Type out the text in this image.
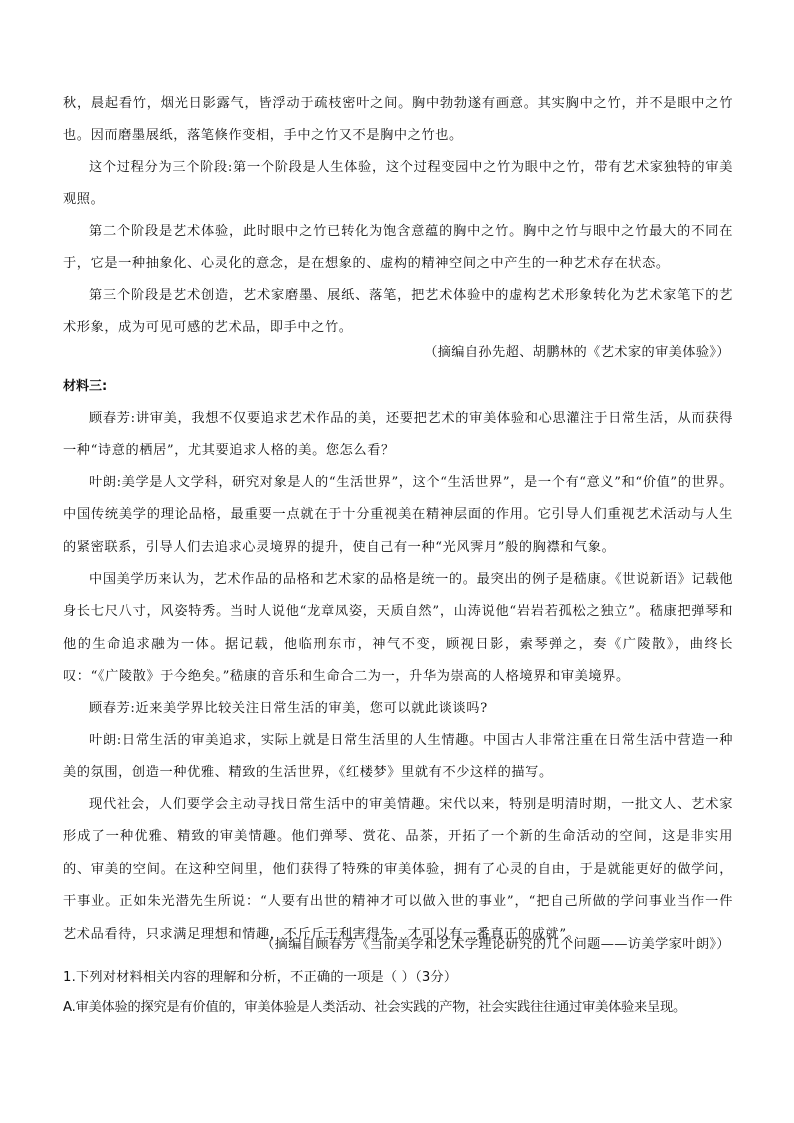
秋，晨起看竹，烟光日影露气，皆浮动于疏枝密叶之间。胸中勃勃遂有画意。其实胸中之竹，并不是眼中之竹也。因而磨墨展纸，落笔倏作变相，手中之竹又不是胸中之竹也。

这个过程分为三个阶段:第一个阶段是人生体验，这个过程变园中之竹为眼中之竹，带有艺术家独特的审美观照。

第二个阶段是艺术体验，此时眼中之竹已转化为饱含意蕴的胸中之竹。胸中之竹与眼中之竹最大的不同在于，它是一种抽象化、心灵化的意念，是在想象的、虚构的精神空间之中产生的一种艺术存在状态。

第三个阶段是艺术创造，艺术家磨墨、展纸、落笔，把艺术体验中的虚构艺术形象转化为艺术家笔下的艺术形象，成为可见可感的艺术品，即手中之竹。

（摘编自孙先超、胡鹏林的《艺术家的审美体验》）

材料三:

顾春芳:讲审美，我想不仅要追求艺术作品的美，还要把艺术的审美体验和心思灌注于日常生活，从而获得一种“诗意的栖居”，尤其要追求人格的美。您怎么看？

叶朗:美学是人文学科，研究对象是人的“生活世界”，这个“生活世界”，是一个有“意义”和“价值”的世界。中国传统美学的理论品格，最重要一点就在于十分重视美在精神层面的作用。它引导人们重视艺术活动与人生的紧密联系，引导人们去追求心灵境界的提升，使自己有一种“光风霁月”般的胸襟和气象。

中国美学历来认为，艺术作品的品格和艺术家的品格是统一的。最突出的例子是嵇康。《世说新语》记载他身长七尺八寸，风姿特秀。当时人说他“龙章凤姿，天质自然”，山涛说他“岩岩若孤松之独立”。嵇康把弹琴和他的生命追求融为一体。据记载，他临刑东市，神气不变，顾视日影，索琴弹之，奏《广陵散》，曲终长叹：“《广陵散》于今绝矣。”嵇康的音乐和生命合二为一，升华为崇高的人格境界和审美境界。

顾春芳:近来美学界比较关注日常生活的审美，您可以就此谈谈吗?

叶朗:日常生活的审美追求，实际上就是日常生活里的人生情趣。中国古人非常注重在日常生活中营造一种美的氛围，创造一种优雅、精致的生活世界，《红楼梦》里就有不少这样的描写。

现代社会，人们要学会主动寻找日常生活中的审美情趣。宋代以来，特别是明清时期，一批文人、艺术家形成了一种优雅、精致的审美情趣。他们弹琴、赏花、品茶，开拓了一个新的生命活动的空间，这是非实用的、审美的空间。在这种空间里，他们获得了特殊的审美体验，拥有了心灵的自由，于是就能更好的做学问，干事业。正如朱光潜先生所说：“人要有出世的精神才可以做入世的事业”，“把自己所做的学问事业当作一件艺术品看待，只求满足理想和情趣，不斤斤于利害得失，才可以有一番真正的成就”。

（摘编自顾春芳《当前美学和艺术学理论研究的几个问题——访美学家叶朗》）

1.下列对材料相关内容的理解和分析，不正确的一项是（ ）（3分）

A.审美体验的探究是有价值的，审美体验是人类活动、社会实践的产物，社会实践往往通过审美体验来呈现。
